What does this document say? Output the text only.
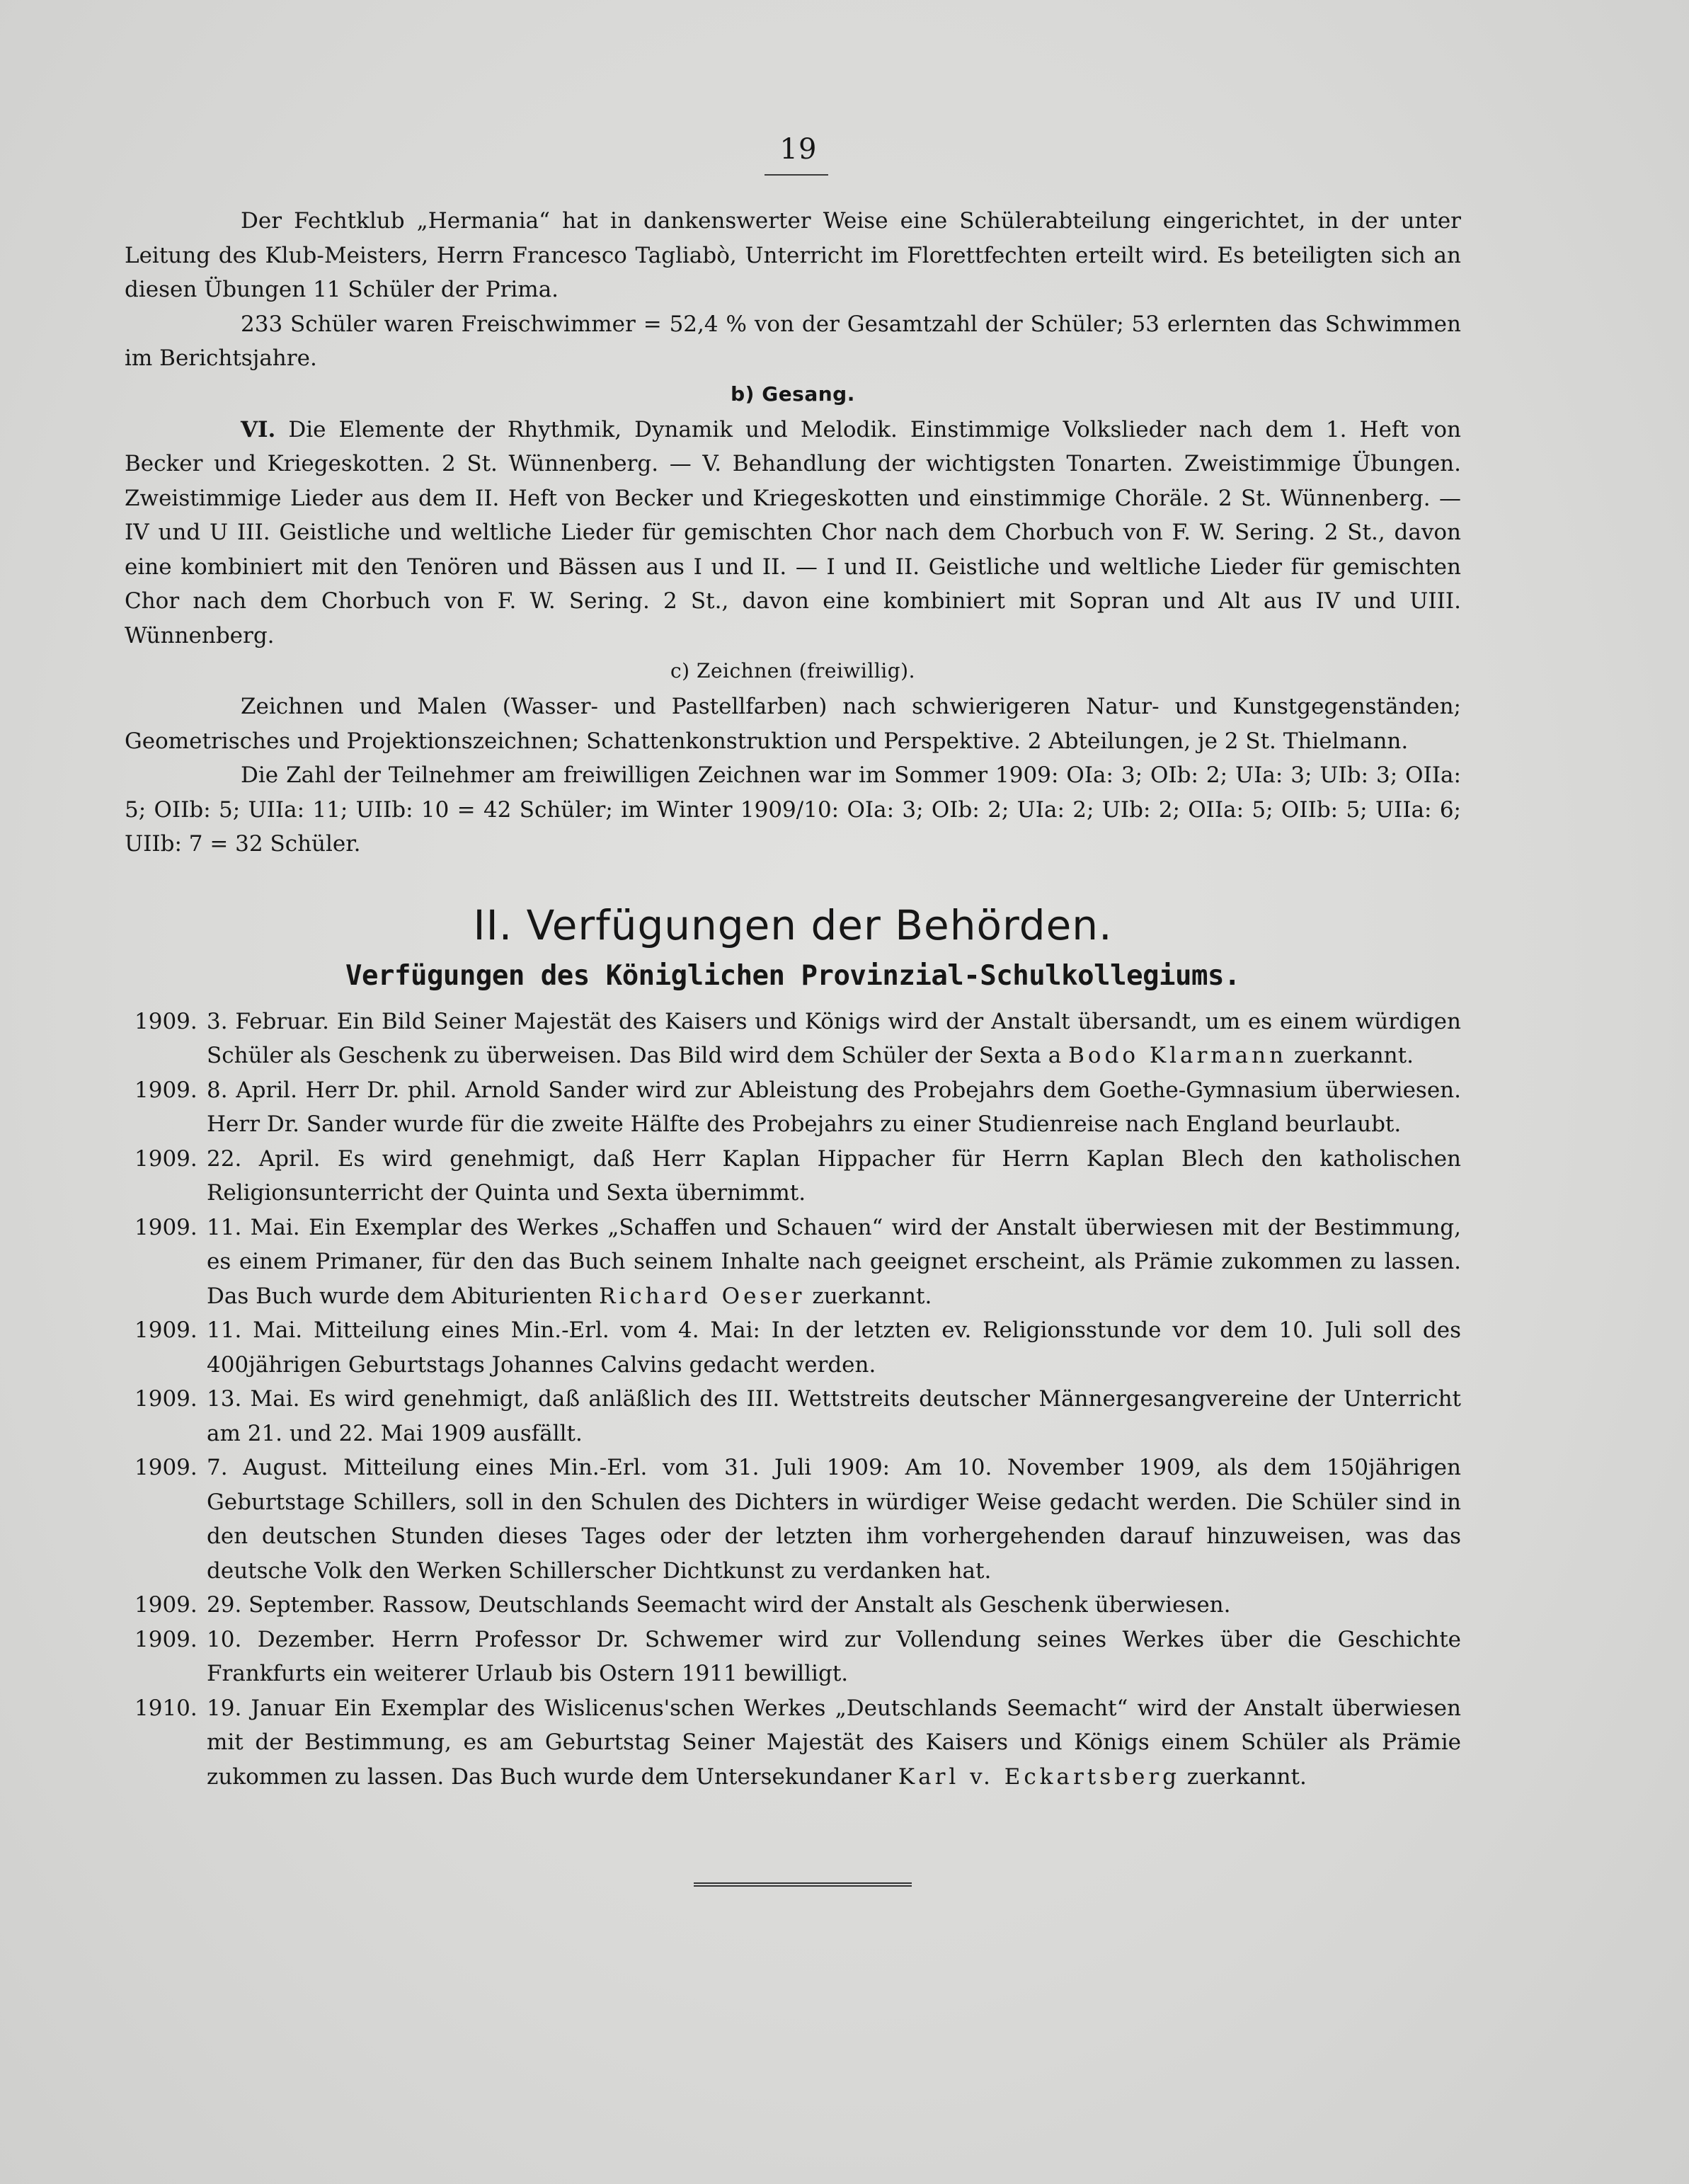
19

Der Fechtklub „Hermania“ hat in dankenswerter Weise eine Schülerabteilung eingerichtet, in der unter Leitung des Klub-Meisters, Herrn Francesco Tagliabò, Unterricht im Florettfechten erteilt wird. Es beteiligten sich an diesen Übungen 11 Schüler der Prima.

233 Schüler waren Freischwimmer = 52,4 % von der Gesamtzahl der Schüler; 53 erlernten das Schwimmen im Berichtsjahre.

b) Gesang.

VI. Die Elemente der Rhythmik, Dynamik und Melodik. Einstimmige Volkslieder nach dem 1. Heft von Becker und Kriegeskotten. 2 St. Wünnenberg. — V. Behandlung der wichtigsten Tonarten. Zweistimmige Übungen. Zweistimmige Lieder aus dem II. Heft von Becker und Kriegeskotten und einstimmige Choräle. 2 St. Wünnenberg. — IV und U III. Geistliche und weltliche Lieder für gemischten Chor nach dem Chorbuch von F. W. Sering. 2 St., davon eine kombiniert mit den Tenören und Bässen aus I und II. — I und II. Geistliche und weltliche Lieder für gemischten Chor nach dem Chorbuch von F. W. Sering. 2 St., davon eine kombiniert mit Sopran und Alt aus IV und UIII. Wünnenberg.

c) Zeichnen (freiwillig).

Zeichnen und Malen (Wasser- und Pastellfarben) nach schwierigeren Natur- und Kunstgegenständen; Geometrisches und Projektionszeichnen; Schattenkonstruktion und Perspektive. 2 Abteilungen, je 2 St. Thielmann.

Die Zahl der Teilnehmer am freiwilligen Zeichnen war im Sommer 1909: OIa: 3; OIb: 2; UIa: 3; UIb: 3; OIIa: 5; OIIb: 5; UIIa: 11; UIIb: 10 = 42 Schüler; im Winter 1909/10: OIa: 3; OIb: 2; UIa: 2; UIb: 2; OIIa: 5; OIIb: 5; UIIa: 6; UIIb: 7 = 32 Schüler.

II. Verfügungen der Behörden.
Verfügungen des Königlichen Provinzial-Schulkollegiums.
1909. 3. Februar. Ein Bild Seiner Majestät des Kaisers und Königs wird der Anstalt übersandt, um es einem würdigen Schüler als Geschenk zu überweisen. Das Bild wird dem Schüler der Sexta a Bodo Klarmann zuerkannt.
1909. 8. April. Herr Dr. phil. Arnold Sander wird zur Ableistung des Probejahrs dem Goethe-Gymnasium überwiesen. Herr Dr. Sander wurde für die zweite Hälfte des Probejahrs zu einer Studienreise nach England beurlaubt.
1909. 22. April. Es wird genehmigt, daß Herr Kaplan Hippacher für Herrn Kaplan Blech den katholischen Religionsunterricht der Quinta und Sexta übernimmt.
1909. 11. Mai. Ein Exemplar des Werkes „Schaffen und Schauen“ wird der Anstalt überwiesen mit der Bestimmung, es einem Primaner, für den das Buch seinem Inhalte nach geeignet erscheint, als Prämie zukommen zu lassen. Das Buch wurde dem Abiturienten Richard Oeser zuerkannt.
1909. 11. Mai. Mitteilung eines Min.-Erl. vom 4. Mai: In der letzten ev. Religionsstunde vor dem 10. Juli soll des 400jährigen Geburtstags Johannes Calvins gedacht werden.
1909. 13. Mai. Es wird genehmigt, daß anläßlich des III. Wettstreits deutscher Männergesangvereine der Unterricht am 21. und 22. Mai 1909 ausfällt.
1909. 7. August. Mitteilung eines Min.-Erl. vom 31. Juli 1909: Am 10. November 1909, als dem 150jährigen Geburtstage Schillers, soll in den Schulen des Dichters in würdiger Weise gedacht werden. Die Schüler sind in den deutschen Stunden dieses Tages oder der letzten ihm vorhergehenden darauf hinzuweisen, was das deutsche Volk den Werken Schillerscher Dichtkunst zu verdanken hat.
1909. 29. September. Rassow, Deutschlands Seemacht wird der Anstalt als Geschenk überwiesen.
1909. 10. Dezember. Herrn Professor Dr. Schwemer wird zur Vollendung seines Werkes über die Geschichte Frankfurts ein weiterer Urlaub bis Ostern 1911 bewilligt.
1910. 19. Januar Ein Exemplar des Wislicenus'schen Werkes „Deutschlands Seemacht“ wird der Anstalt überwiesen mit der Bestimmung, es am Geburtstag Seiner Majestät des Kaisers und Königs einem Schüler als Prämie zukommen zu lassen. Das Buch wurde dem Untersekundaner Karl v. Eckartsberg zuerkannt.
